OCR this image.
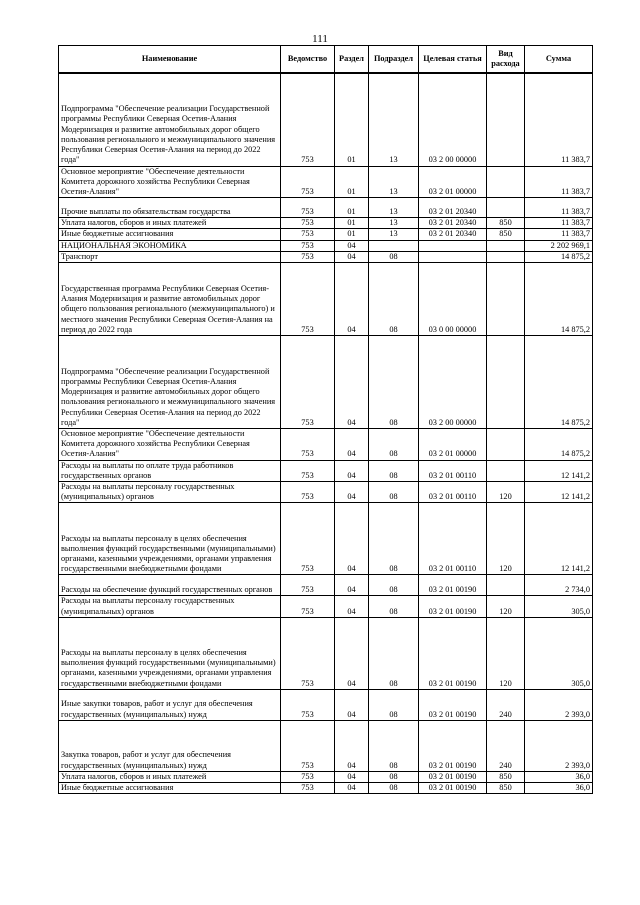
111
Наименование	Ведомство	Раздел	Подраздел	Целевая статья	Вид расхода	Сумма
Подпрограмма "Обеспечение реализации Государственной программы Республики Северная Осетия-Алания Модернизация и развитие автомобильных дорог общего пользования регионального и межмуниципального значения Республики Северная Осетия-Алания на период до 2022 года"	753	01	13	03 2 00 00000		11 383,7
Основное мероприятие "Обеспечение деятельности Комитета дорожного хозяйства Республики Северная Осетия-Алания"	753	01	13	03 2 01 00000		11 383,7
Прочие выплаты по обязательствам государства	753	01	13	03 2 01 20340		11 383,7
Уплата налогов, сборов и иных платежей	753	01	13	03 2 01 20340	850	11 383,7
Иные бюджетные ассигнования	753	01	13	03 2 01 20340	850	11 383,7
НАЦИОНАЛЬНАЯ ЭКОНОМИКА	753	04				2 202 969,1
Транспорт	753	04	08			14 875,2
Государственная программа Республики Северная Осетия-Алания Модернизация и развитие автомобильных дорог общего пользования регионального (межмуниципального) и местного значения Республики Северная Осетия-Алания на период до 2022 года	753	04	08	03 0 00 00000		14 875,2
Подпрограмма "Обеспечение реализации Государственной программы Республики Северная Осетия-Алания Модернизация и развитие автомобильных дорог общего пользования регионального и межмуниципального значения Республики Северная Осетия-Алания на период до 2022 года"	753	04	08	03 2 00 00000		14 875,2
Основное мероприятие "Обеспечение деятельности Комитета дорожного хозяйства Республики Северная Осетия-Алания"	753	04	08	03 2 01 00000		14 875,2
Расходы на выплаты по оплате труда работников государственных органов	753	04	08	03 2 01 00110		12 141,2
Расходы на выплаты персоналу государственных (муниципальных) органов	753	04	08	03 2 01 00110	120	12 141,2
Расходы на выплаты персоналу в целях обеспечения выполнения функций государственными (муниципальными) органами, казенными учреждениями, органами управления государственными внебюджетными фондами	753	04	08	03 2 01 00110	120	12 141,2
Расходы на обеспечение функций государственных органов	753	04	08	03 2 01 00190		2 734,0
Расходы на выплаты персоналу государственных (муниципальных) органов	753	04	08	03 2 01 00190	120	305,0
Расходы на выплаты персоналу в целях обеспечения выполнения функций государственными (муниципальными) органами, казенными учреждениями, органами управления государственными внебюджетными фондами	753	04	08	03 2 01 00190	120	305,0
Иные закупки товаров, работ и услуг для обеспечения государственных (муниципальных) нужд	753	04	08	03 2 01 00190	240	2 393,0
Закупка товаров, работ и услуг для обеспечения государственных (муниципальных) нужд	753	04	08	03 2 01 00190	240	2 393,0
Уплата налогов, сборов и иных платежей	753	04	08	03 2 01 00190	850	36,0
Иные бюджетные ассигнования	753	04	08	03 2 01 00190	850	36,0
